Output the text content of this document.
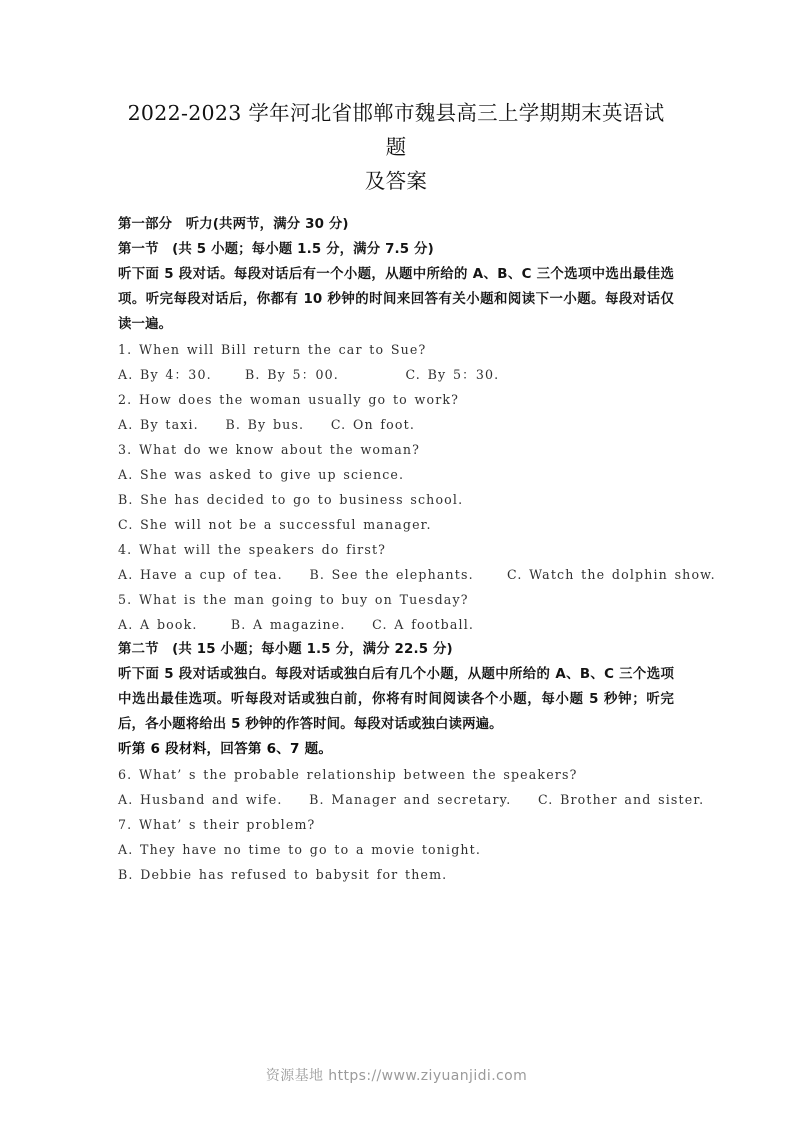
2022-2023 学年河北省邯郸市魏县高三上学期期末英语试题
及答案
第一部分　听力(共两节，满分 30 分)
第一节　(共 5 小题；每小题 1.5 分，满分 7.5 分)
听下面 5 段对话。每段对话后有一个小题，从题中所给的 A、B、C 三个选项中选出最佳选项。听完每段对话后，你都有 10 秒钟的时间来回答有关小题和阅读下一小题。每段对话仅读一遍。
1. When will Bill return the car to Sue?
A. By 4：30.     B. By 5：00.          C. By 5：30.
2. How does the woman usually go to work?
A. By taxi.    B. By bus.    C. On foot.
3. What do we know about the woman?
A. She was asked to give up science.
B. She has decided to go to business school.
C. She will not be a successful manager.
4. What will the speakers do first?
A. Have a cup of tea.    B. See the elephants.     C. Watch the dolphin show.
5. What is the man going to buy on Tuesday?
A. A book.     B. A magazine.    C. A football.
第二节　(共 15 小题；每小题 1.5 分，满分 22.5 分)
听下面 5 段对话或独白。每段对话或独白后有几个小题，从题中所给的 A、B、C 三个选项中选出最佳选项。听每段对话或独白前，你将有时间阅读各个小题，每小题 5 秒钟；听完后，各小题将给出 5 秒钟的作答时间。每段对话或独白读两遍。
听第 6 段材料，回答第 6、7 题。
6. What’ s the probable relationship between the speakers?
A. Husband and wife.    B. Manager and secretary.    C. Brother and sister.
7. What’ s their problem?
A. They have no time to go to a movie tonight.
B. Debbie has refused to babysit for them.
资源基地 https://www.ziyuanjidi.com
